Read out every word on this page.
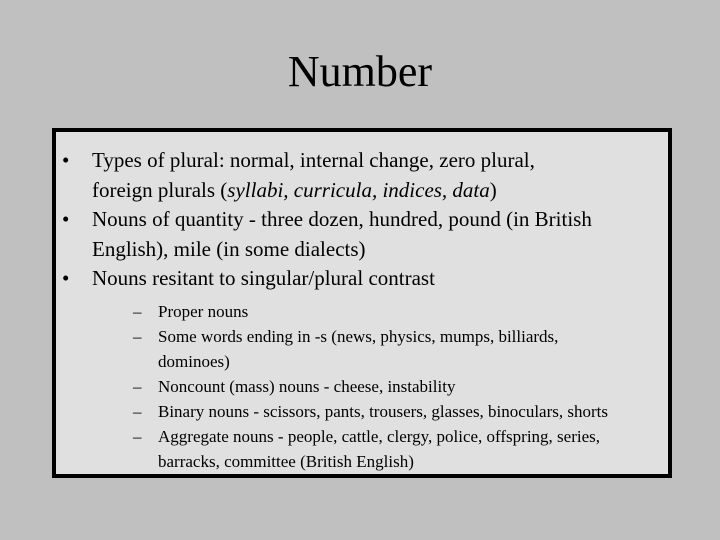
Number
• Types of plural: normal, internal change, zero plural,
foreign plurals (syllabi, curricula, indices, data)
• Nouns of quantity - three dozen, hundred, pound (in British
English), mile (in some dialects)
• Nouns resitant to singular/plural contrast
– Proper nouns
– Some words ending in -s (news, physics, mumps, billiards,
dominoes)
– Noncount (mass) nouns - cheese, instability
– Binary nouns - scissors, pants, trousers, glasses, binoculars, shorts
– Aggregate nouns - people, cattle, clergy, police, offspring, series,
barracks, committee (British English)
